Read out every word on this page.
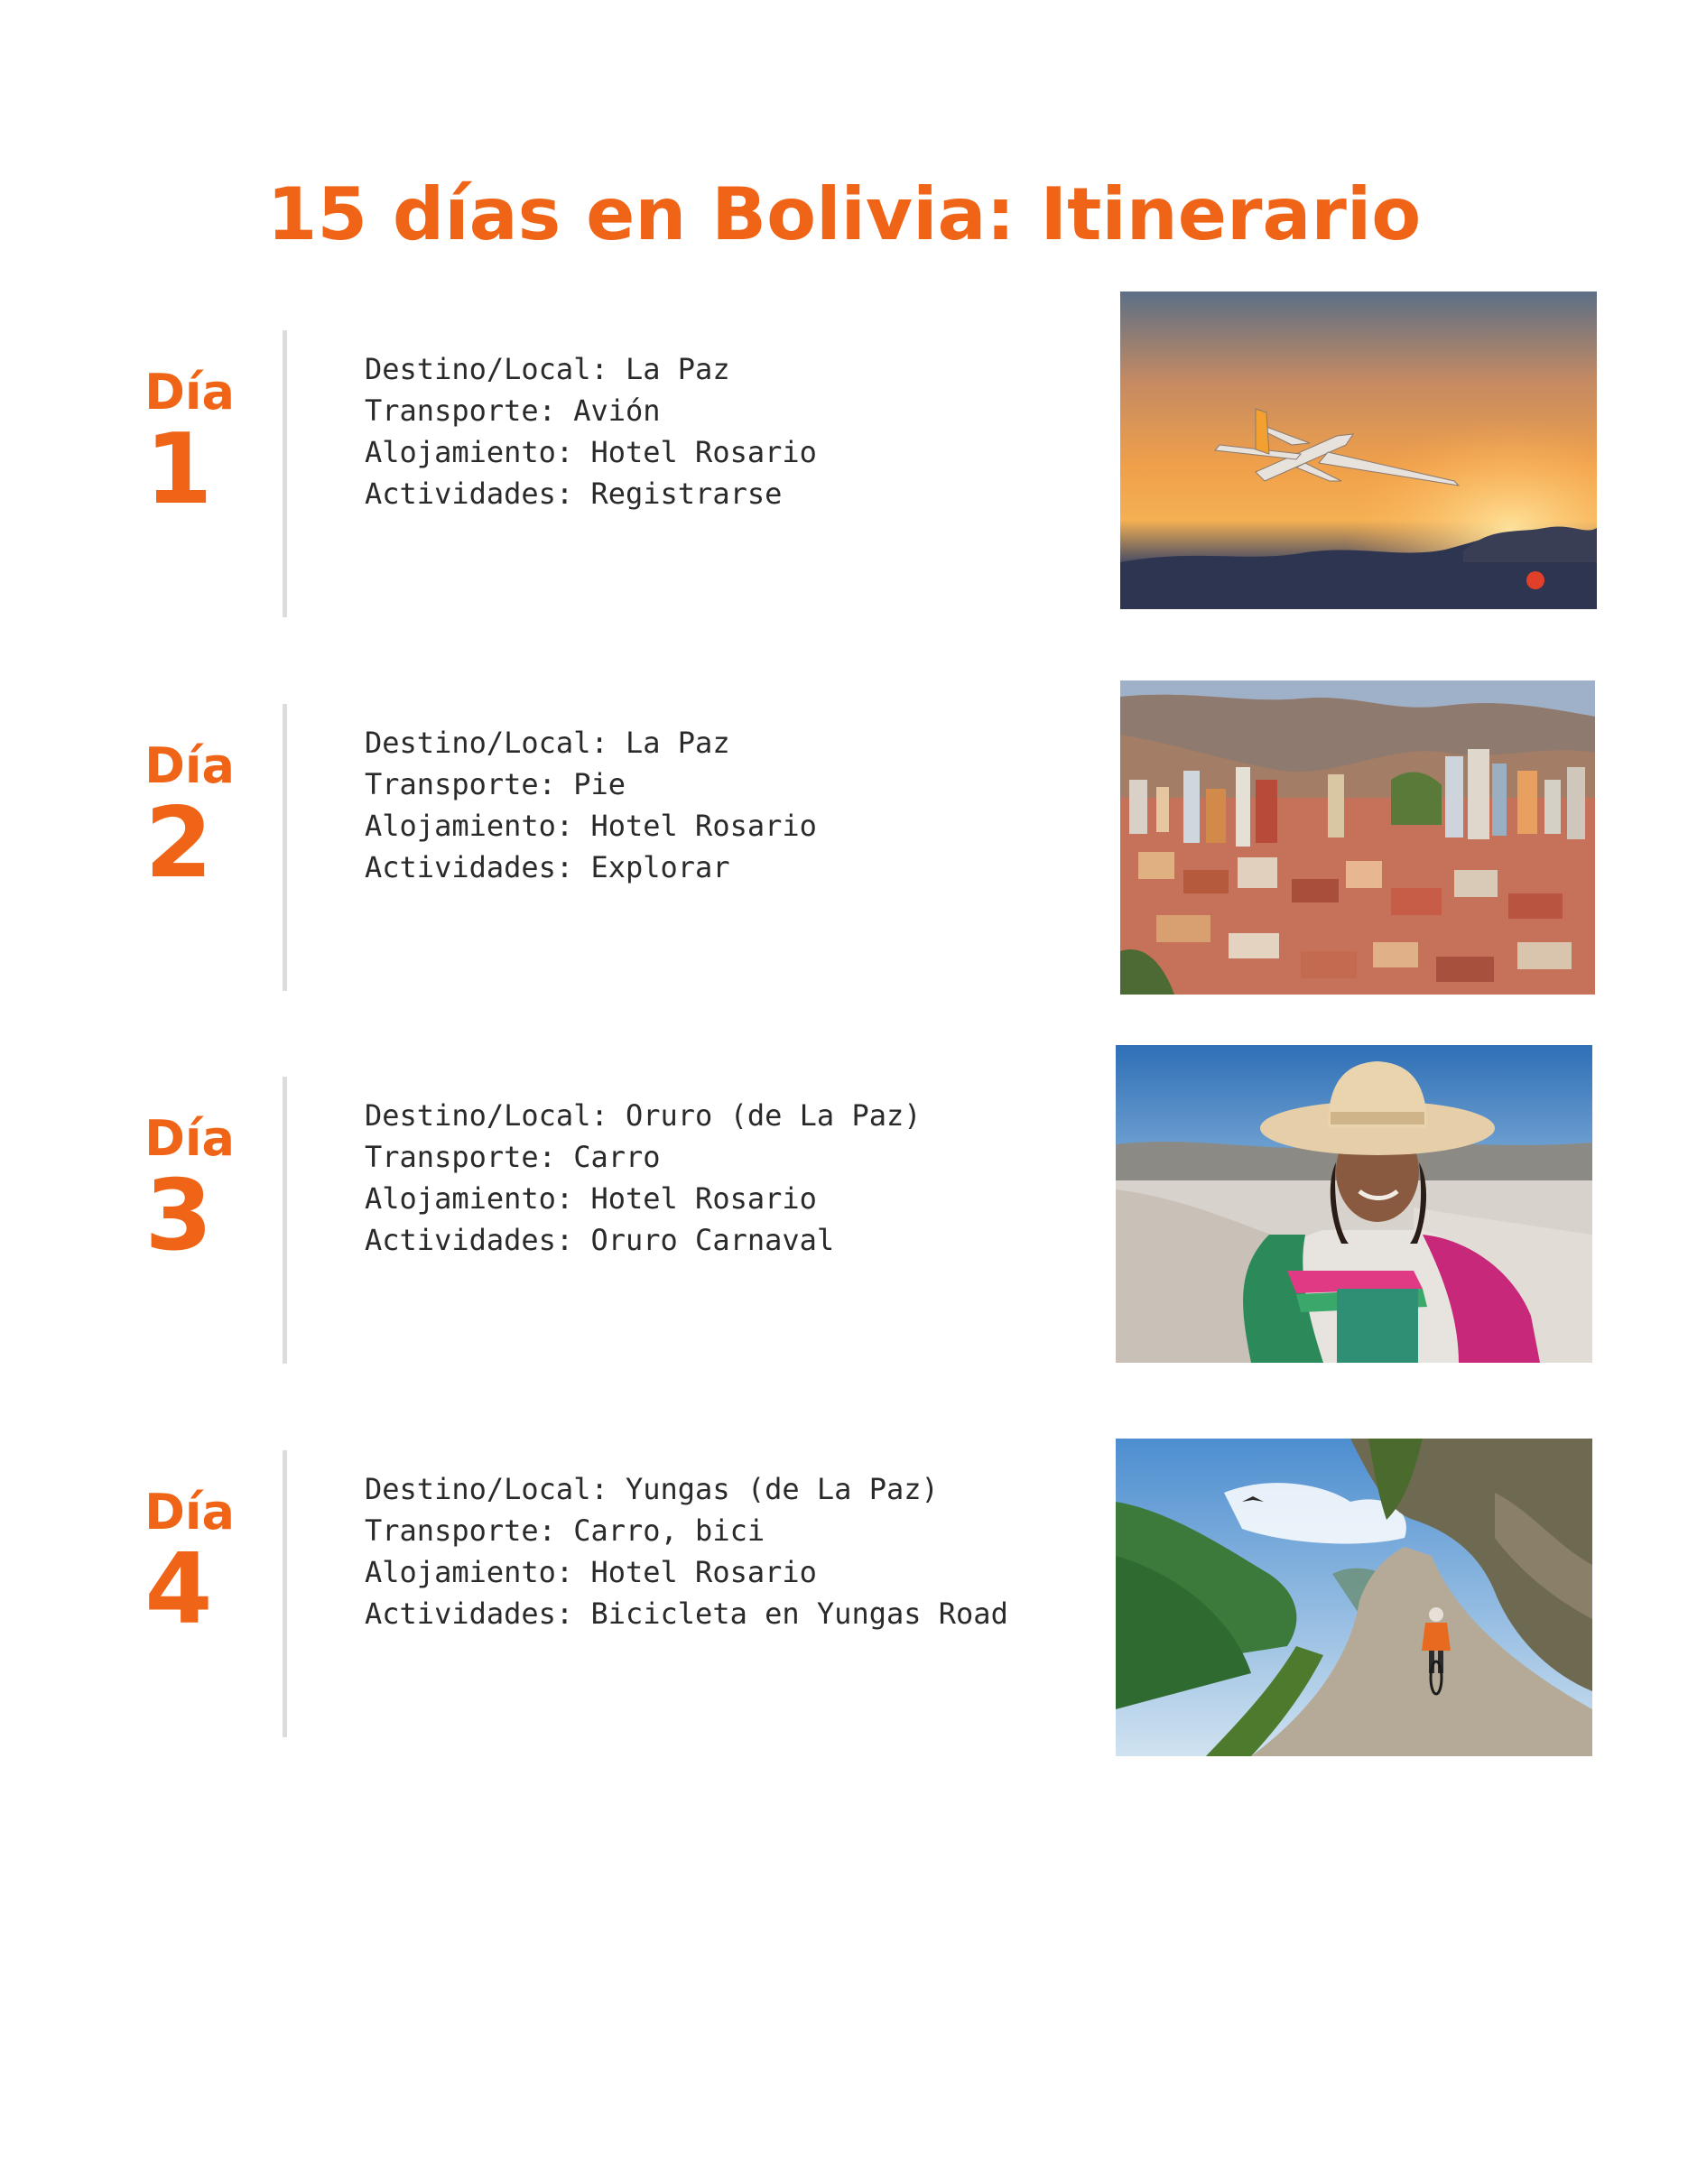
15 días en Bolivia: Itinerario
Día
1
Destino/Local: La Paz
Transporte: Avión
Alojamiento: Hotel Rosario
Actividades: Registrarse
Día
2
Destino/Local: La Paz
Transporte: Pie
Alojamiento: Hotel Rosario
Actividades: Explorar
Día
3
Destino/Local: Oruro (de La Paz)
Transporte: Carro
Alojamiento: Hotel Rosario
Actividades: Oruro Carnaval
Día
4
Destino/Local: Yungas (de La Paz)
Transporte: Carro, bici
Alojamiento: Hotel Rosario
Actividades: Bicicleta en Yungas Road
